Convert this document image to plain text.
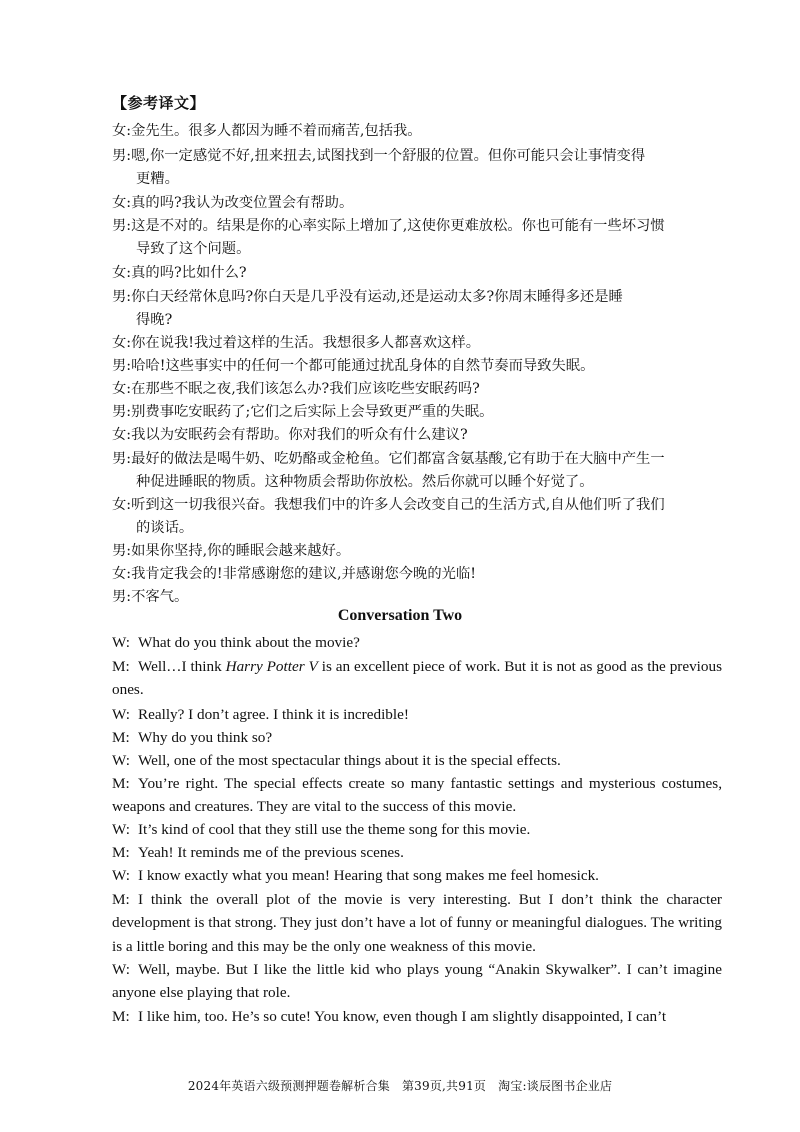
【参考译文】
女:金先生。很多人都因为睡不着而痛苦,包括我。
男:嗯,你一定感觉不好,扭来扭去,试图找到一个舒服的位置。但你可能只会让事情变得
更糟。
女:真的吗?我认为改变位置会有帮助。
男:这是不对的。结果是你的心率实际上增加了,这使你更难放松。你也可能有一些坏习惯
导致了这个问题。
女:真的吗?比如什么?
男:你白天经常休息吗?你白天是几乎没有运动,还是运动太多?你周末睡得多还是睡
得晚?
女:你在说我!我过着这样的生活。我想很多人都喜欢这样。
男:哈哈!这些事实中的任何一个都可能通过扰乱身体的自然节奏而导致失眠。
女:在那些不眠之夜,我们该怎么办?我们应该吃些安眠药吗?
男:别费事吃安眠药了;它们之后实际上会导致更严重的失眠。
女:我以为安眠药会有帮助。你对我们的听众有什么建议?
男:最好的做法是喝牛奶、吃奶酪或金枪鱼。它们都富含氨基酸,它有助于在大脑中产生一
种促进睡眠的物质。这种物质会帮助你放松。然后你就可以睡个好觉了。
女:听到这一切我很兴奋。我想我们中的许多人会改变自己的生活方式,自从他们听了我们
的谈话。
男:如果你坚持,你的睡眠会越来越好。
女:我肯定我会的!非常感谢您的建议,并感谢您今晚的光临!
男:不客气。
Conversation Two
W: What do you think about the movie?
M: Well…I think Harry Potter V is an excellent piece of work. But it is not as good as the previous ones.
W: Really? I don’t agree. I think it is incredible!
M: Why do you think so?
W: Well, one of the most spectacular things about it is the special effects.
M: You’re right. The special effects create so many fantastic settings and mysterious costumes, weapons and creatures. They are vital to the success of this movie.
W: It’s kind of cool that they still use the theme song for this movie.
M: Yeah! It reminds me of the previous scenes.
W: I know exactly what you mean! Hearing that song makes me feel homesick.
M: I think the overall plot of the movie is very interesting. But I don’t think the character development is that strong. They just don’t have a lot of funny or meaningful dialogues. The writing is a little boring and this may be the only one weakness of this movie.
W: Well, maybe. But I like the little kid who plays young “Anakin Skywalker”. I can’t imagine anyone else playing that role.
M: I like him, too. He’s so cute! You know, even though I am slightly disappointed, I can’t
2024年英语六级预测押题卷解析合集 第39页,共91页 淘宝:谈辰图书企业店
